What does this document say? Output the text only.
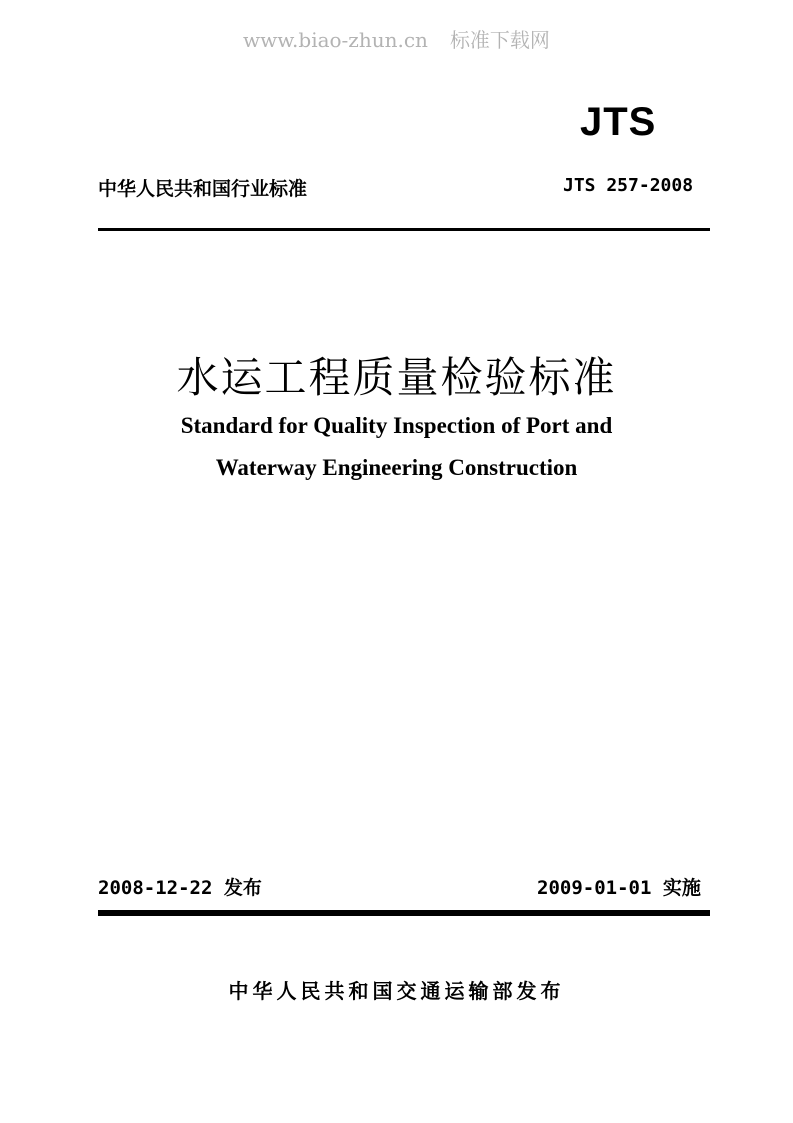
www.biao-zhun.cn 标准下载网
JTS
中华人民共和国行业标准	JTS 257-2008
水运工程质量检验标准
Standard for Quality Inspection of Port and
Waterway Engineering Construction
2008-12-22 发布	2009-01-01 实施
中华人民共和国交通运输部发布
